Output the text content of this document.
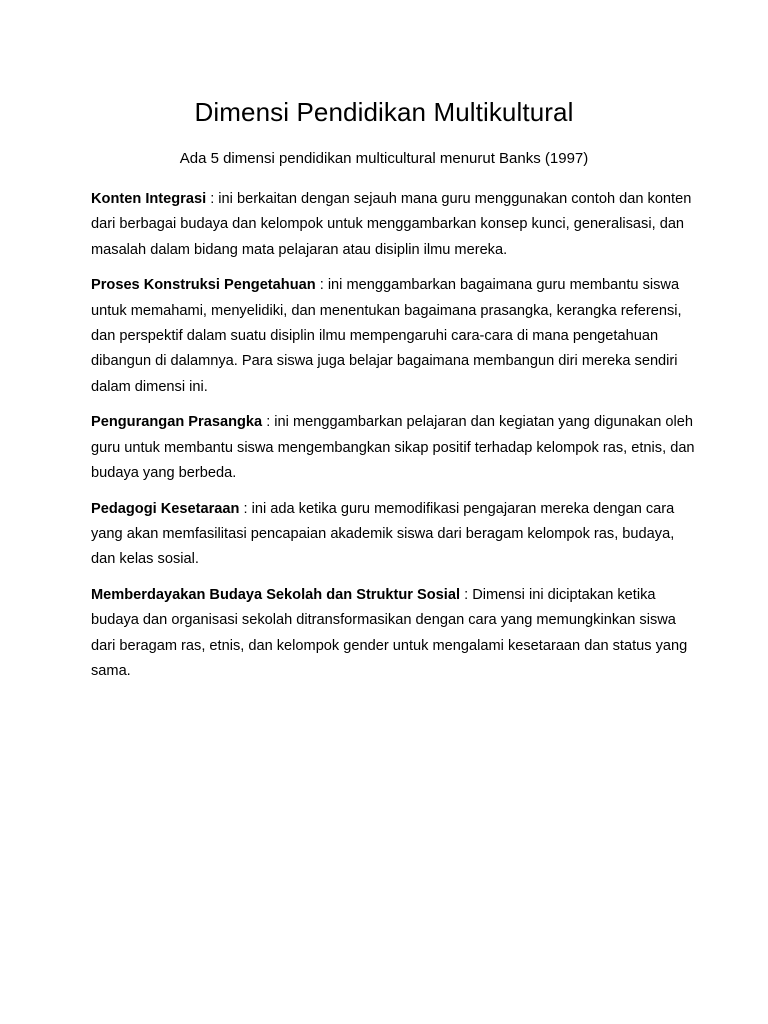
Dimensi Pendidikan Multikultural

Ada 5 dimensi pendidikan multicultural menurut Banks (1997)

Konten Integrasi : ini berkaitan dengan sejauh mana guru menggunakan contoh dan konten dari berbagai budaya dan kelompok untuk menggambarkan konsep kunci, generalisasi, dan masalah dalam bidang mata pelajaran atau disiplin ilmu mereka.

Proses Konstruksi Pengetahuan : ini menggambarkan bagaimana guru membantu siswa untuk memahami, menyelidiki, dan menentukan bagaimana prasangka, kerangka referensi, dan perspektif dalam suatu disiplin ilmu mempengaruhi cara-cara di mana pengetahuan dibangun di dalamnya. Para siswa juga belajar bagaimana membangun diri mereka sendiri dalam dimensi ini.

Pengurangan Prasangka : ini menggambarkan pelajaran dan kegiatan yang digunakan oleh guru untuk membantu siswa mengembangkan sikap positif terhadap kelompok ras, etnis, dan budaya yang berbeda.

Pedagogi Kesetaraan : ini ada ketika guru memodifikasi pengajaran mereka dengan cara yang akan memfasilitasi pencapaian akademik siswa dari beragam kelompok ras, budaya, dan kelas sosial.

Memberdayakan Budaya Sekolah dan Struktur Sosial : Dimensi ini diciptakan ketika budaya dan organisasi sekolah ditransformasikan dengan cara yang memungkinkan siswa dari beragam ras, etnis, dan kelompok gender untuk mengalami kesetaraan dan status yang sama.
